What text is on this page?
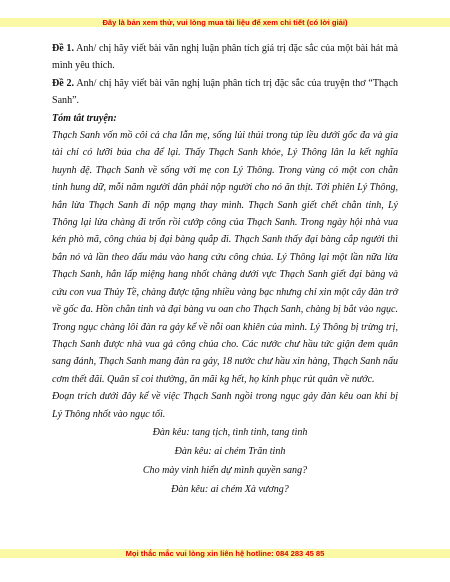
Đây là bản xem thử, vui lòng mua tài liệu để xem chi tiết (có lời giải)

Đề 1. Anh/ chị hãy viết bài văn nghị luận phân tích giá trị đặc sắc của một bài hát mà mình yêu thích.

Đề 2. Anh/ chị hãy viết bài văn nghị luận phân tích trị đặc sắc của truyện thơ “Thạch Sanh”.

Tóm tắt truyện:

Thạch Sanh vốn mồ côi cả cha lẫn mẹ, sống lủi thủi trong túp lều dưới gốc đa và gia tài chỉ có lưỡi búa cha để lại. Thấy Thạch Sanh khỏe, Lý Thông lân la kết nghĩa huynh đệ. Thạch Sanh về sống với mẹ con Lý Thông. Trong vùng có một con chằn tinh hung dữ, mỗi năm người dân phải nộp người cho nó ăn thịt. Tới phiên Lý Thông, hắn lừa Thạch Sanh đi nộp mạng thay mình. Thạch Sanh giết chết chằn tinh, Lý Thông lại lừa chàng đi trốn rồi cướp công của Thạch Sanh. Trong ngày hội nhà vua kén phò mã, công chúa bị đại bàng quắp đi. Thạch Sanh thấy đại bàng cắp người thì bắn nó và lần theo dấu máu vào hang cứu công chúa. Lý Thông lại một lần nữa lừa Thạch Sanh, hắn lấp miệng hang nhốt chàng dưới vực Thạch Sanh giết đại bàng và cứu con vua Thủy Tề, chàng được tặng nhiều vàng bạc nhưng chỉ xin một cây đàn trở về gốc đa. Hồn chằn tinh và đại bàng vu oan cho Thạch Sanh, chàng bị bắt vào ngục. Trong ngục chàng lôi đàn ra gảy kể về nỗi oan khiên của mình. Lý Thông bị trừng trị, Thạch Sanh được nhà vua gả công chúa cho. Các nước chư hầu tức giận đem quân sang đánh, Thạch Sanh mang đàn ra gảy, 18 nước chư hầu xin hàng, Thạch Sanh nấu cơm thết đãi. Quân sĩ coi thường, ăn mãi kg hết, họ kính phục rút quân về nước.

Đoạn trích dưới đây kể về việc Thạch Sanh ngồi trong ngục gảy đàn kêu oan khi bị Lý Thông nhốt vào ngục tối.

Đàn kêu: tang tịch, tình tinh, tang tình
Đàn kêu: ai chém Trăn tinh
Cho mày vinh hiển dự mình quyền sang?
Đàn kêu: ai chém Xà vương?
Mọi thắc mắc vui lòng xin liên hệ hotline: 084 283 45 85
